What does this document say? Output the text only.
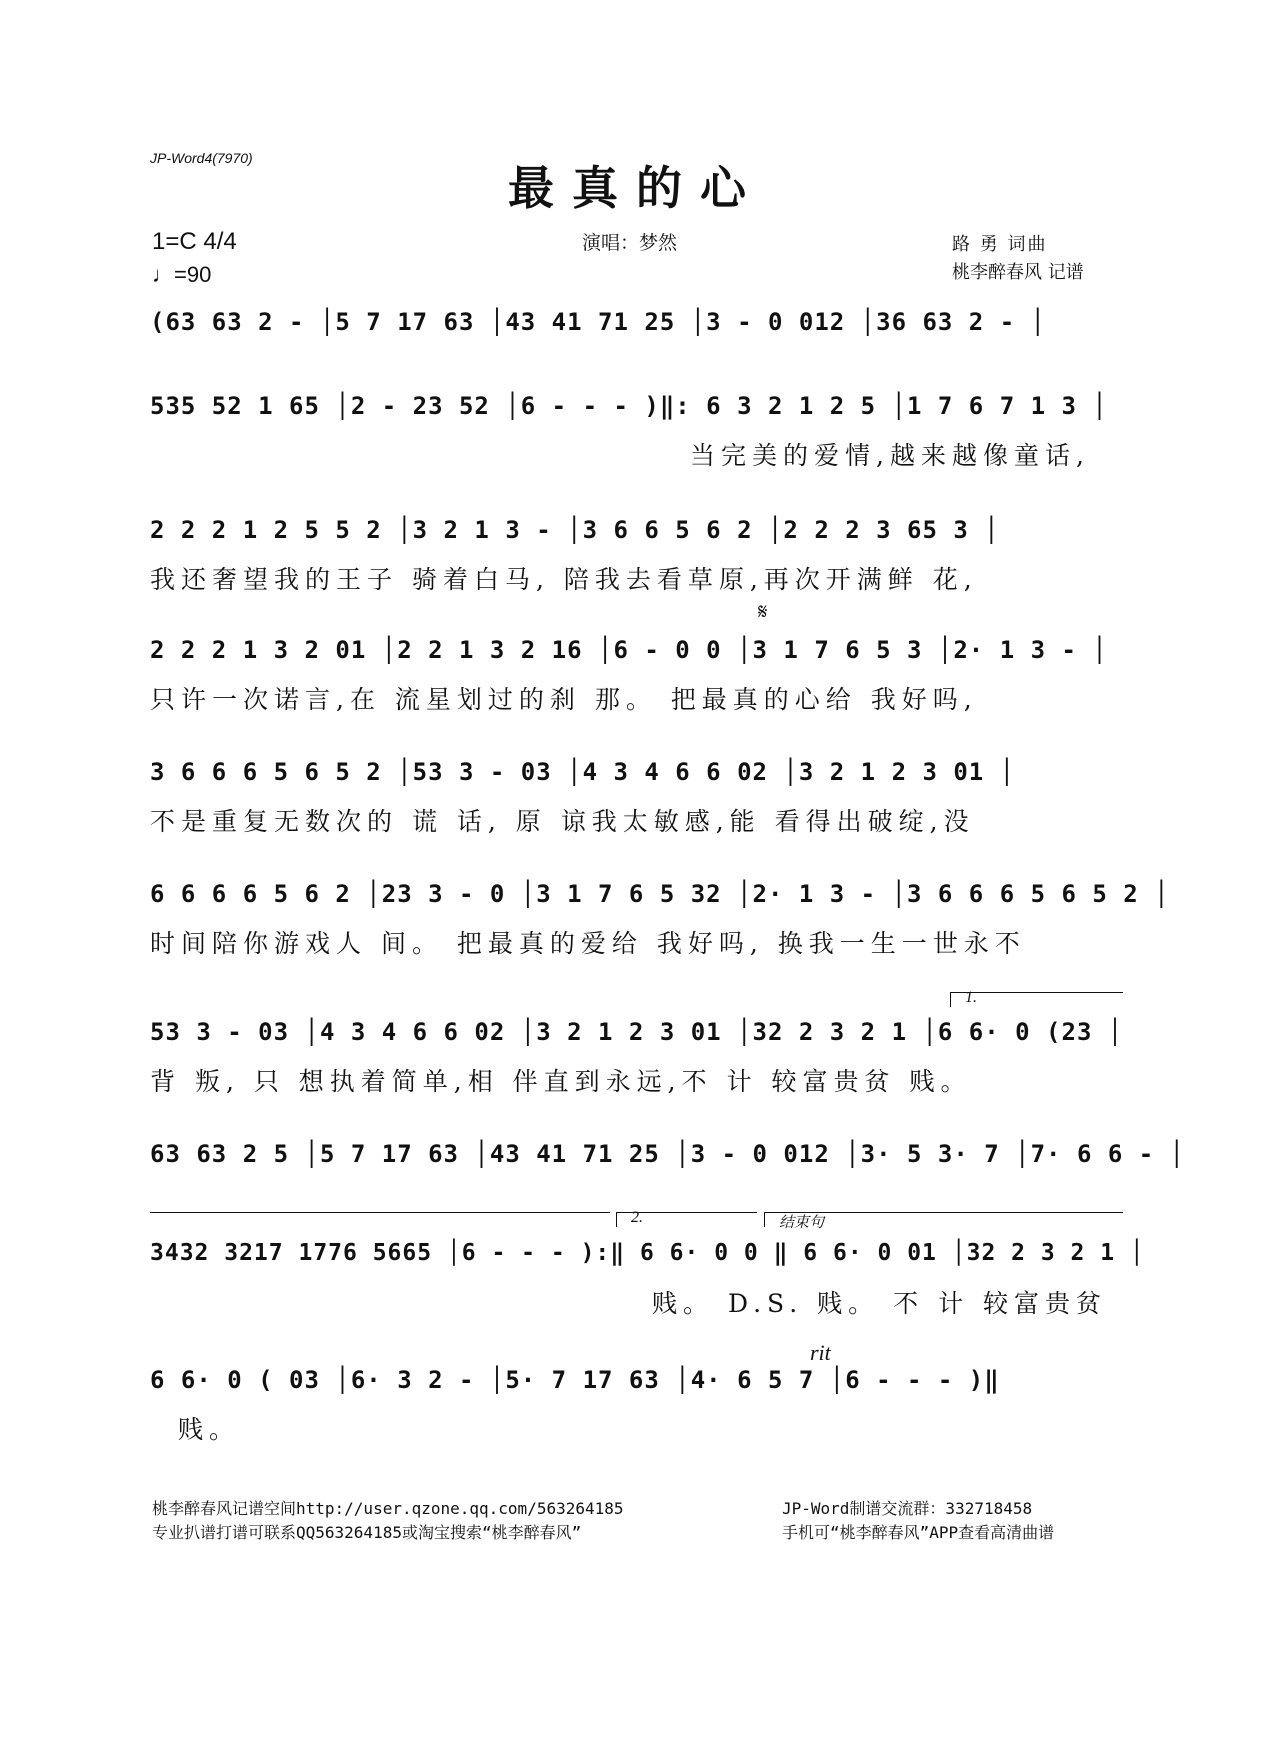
JP-Word4(7970)
最真的心
1=C 4/4
♩=90
演唱：梦然	路 勇 词曲
桃李醉春风 记谱
(63 63 2 - │5 7 17 63 │43 41 71 25 │3 - 0 012 │36 63 2 - │
535 52 1 65 │2 - 23 52 │6 - - - )‖: 6 3 2 1 2 5 │1 7 6 7 1 3 │
当完美的爱情,越来越像童话,
2 2 2 1 2 5 5 2 │3 2 1 3 - │3 6 6 5 6 2 │2 2 2 3 65 3 │
我还奢望我的王子 骑着白马, 陪我去看草原,再次开满鲜 花,
𝄋
2 2 2 1 3 2 01 │2 2 1 3 2 16 │6 - 0 0 │3 1 7 6 5 3 │2· 1 3 - │
只许一次诺言,在 流星划过的刹 那。 把最真的心给 我好吗,
3 6 6 6 5 6 5 2 │53 3 - 03 │4 3 4 6 6 02 │3 2 1 2 3 01 │
不是重复无数次的 谎 话, 原 谅我太敏感,能 看得出破绽,没
6 6 6 6 5 6 2 │23 3 - 0 │3 1 7 6 5 32 │2· 1 3 - │3 6 6 6 5 6 5 2 │
时间陪你游戏人 间。 把最真的爱给 我好吗, 换我一生一世永不
1.
53 3 - 03 │4 3 4 6 6 02 │3 2 1 2 3 01 │32 2 3 2 1 │6 6· 0 (23 │
背 叛, 只 想执着简单,相 伴直到永远,不 计 较富贵贫 贱。
63 63 2 5 │5 7 17 63 │43 41 71 25 │3 - 0 012 │3· 5 3· 7 │7· 6 6 - │
2.	结束句
3432 3217 1776 5665 │6 - - - ):‖ 6 6· 0 0 ‖ 6 6· 0 01 │32 2 3 2 1 │
贱。 D.S. 贱。 不 计 较富贵贫
rit
6 6· 0 ( 03 │6· 3 2 - │5· 7 17 63 │4· 6 5 7 │6 - - - )‖
贱。
桃李醉春风记谱空间http://user.qzone.qq.com/563264185
专业扒谱打谱可联系QQ563264185或淘宝搜索“桃李醉春风”
JP-Word制谱交流群：332718458
手机可“桃李醉春风”APP查看高清曲谱
